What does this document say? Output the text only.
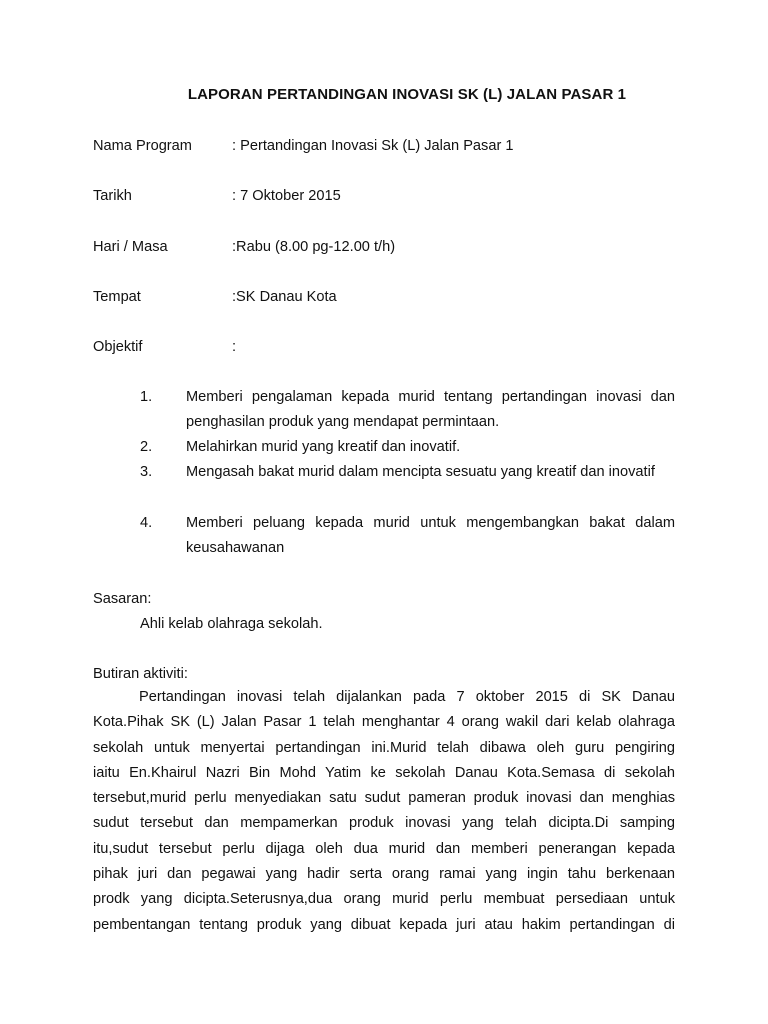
LAPORAN PERTANDINGAN INOVASI SK (L) JALAN PASAR 1
Nama Program	: Pertandingan Inovasi Sk (L) Jalan Pasar 1
Tarikh	: 7 Oktober 2015
Hari / Masa	:Rabu (8.00 pg-12.00 t/h)
Tempat	:SK Danau Kota
Objektif	:
1. Memberi pengalaman kepada murid tentang pertandingan inovasi dan penghasilan produk yang mendapat permintaan.
2. Melahirkan murid yang kreatif dan inovatif.
3. Mengasah bakat murid dalam mencipta sesuatu yang kreatif dan inovatif
4. Memberi peluang kepada murid untuk mengembangkan bakat dalam keusahawanan
Sasaran:
Ahli kelab olahraga sekolah.
Butiran aktiviti:
Pertandingan inovasi telah dijalankan pada 7 oktober 2015 di SK Danau
Kota.Pihak SK (L) Jalan Pasar 1 telah menghantar 4 orang wakil dari kelab olahraga
sekolah untuk menyertai pertandingan ini.Murid telah dibawa oleh guru pengiring
iaitu En.Khairul Nazri Bin Mohd Yatim ke sekolah Danau Kota.Semasa di sekolah
tersebut,murid perlu menyediakan satu sudut pameran produk inovasi dan menghias
sudut tersebut dan mempamerkan produk inovasi yang telah dicipta.Di samping
itu,sudut tersebut perlu dijaga oleh dua murid dan memberi penerangan kepada
pihak juri dan pegawai yang hadir serta orang ramai yang ingin tahu berkenaan
prodk yang dicipta.Seterusnya,dua orang murid perlu membuat persediaan untuk
pembentangan tentang produk yang dibuat kepada juri atau hakim pertandingan di
